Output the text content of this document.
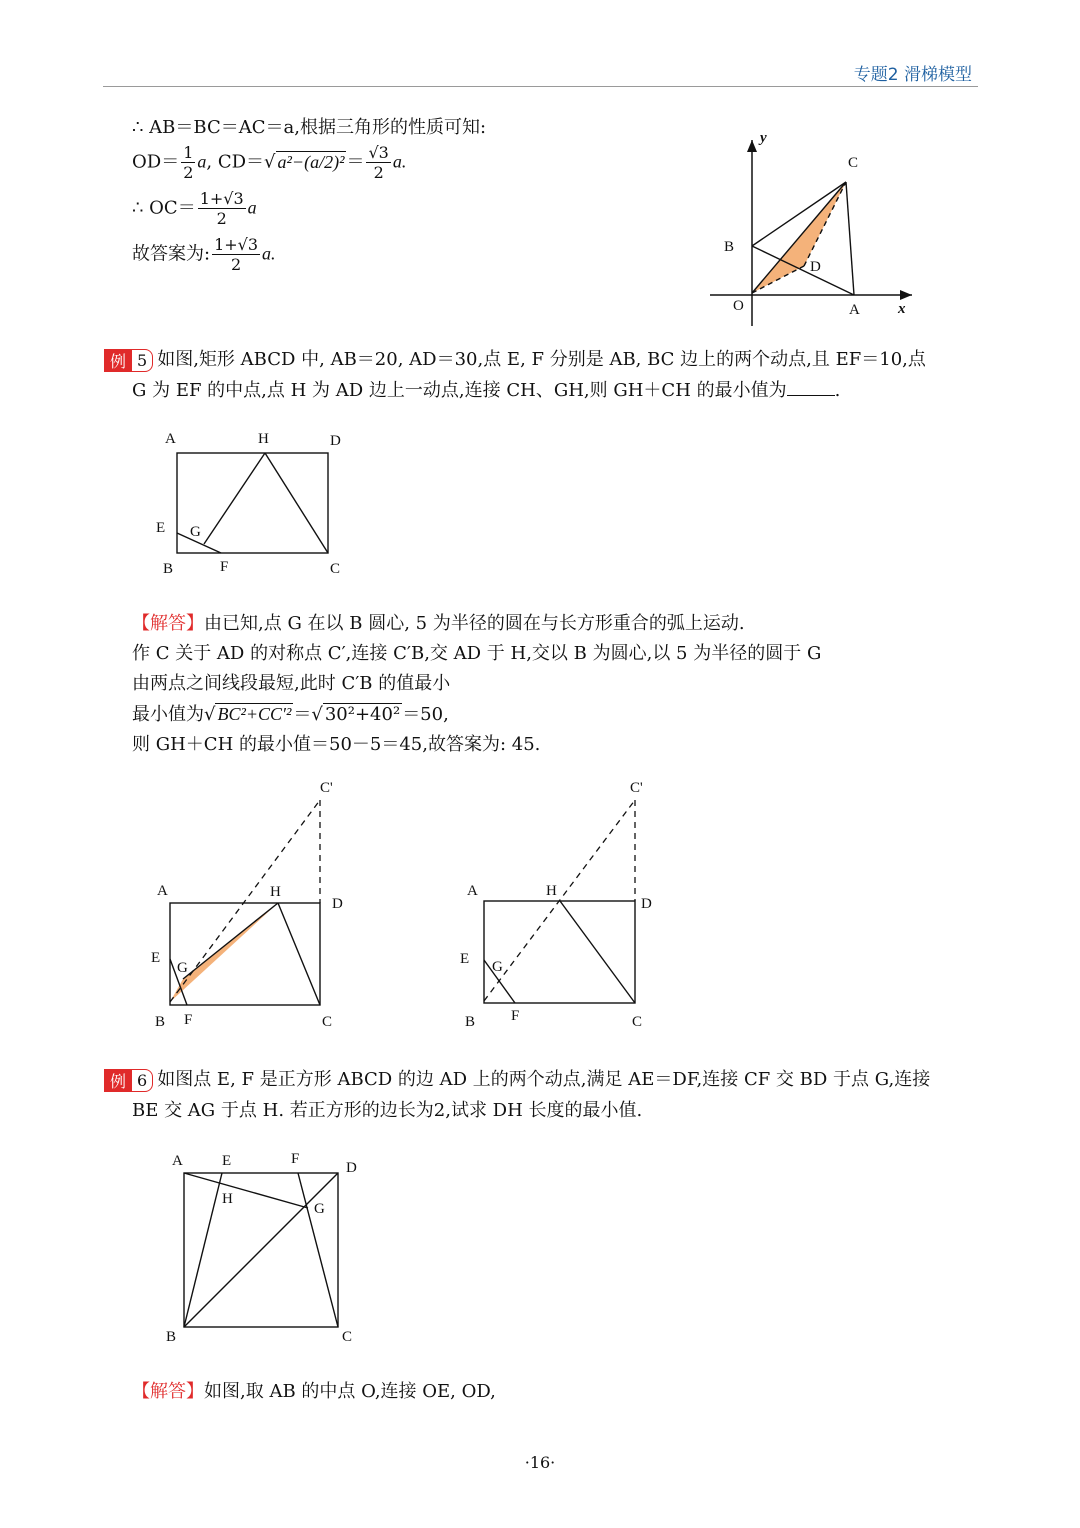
专题2 滑梯模型
∴ AB＝BC＝AC＝a,根据三角形的性质可知:
$OD= \frac{1}{2} a$, CD＝√ $a^2-(a/2)^2 = \frac{√3}{2} a$.
∴ $OC= \frac{1+√3}{2}$ a
故答案为: $\frac{1+√3}{2} a$.
y
x
C
B
D
O	A
例 5 如图,矩形 ABCD 中, AB＝20, AD＝30,点 E, F 分别是 AB, BC 边上的两个动点,且 EF＝10,点
G 为 EF 的中点,点 H 为 AD 边上一动点,连接 CH、GH,则 GH＋CH 的最小值为	.
A	H	D
E G
B	F	C
【解答】由已知,点 G 在以 B 圆心, 5 为半径的圆在与长方形重合的弧上运动.
作 C 关于 AD 的对称点 C′,连接 C′B,交 AD 于 H,交以 B 为圆心,以 5 为半径的圆于 G
由两点之间线段最短,此时 C′B 的值最小
最小值为√ BC²+CC′² ＝√ 30²+40² ＝50,
则 GH＋CH 的最小值＝50－5＝45,故答案为: 45.
C'
A	H
D
E
G
B F	C
C'
A	H
D
E G
B F	C
例 6 如图点 E, F 是正方形 ABCD 的边 AD 上的两个动点,满足 AE＝DF,连接 CF 交 BD 于点 G,连接
BE 交 AG 于点 H. 若正方形的边长为2,试求 DH 长度的最小值.
A	E	F
D
H
G
B	C
【解答】如图,取 AB 的中点 O,连接 OE, OD,
·16·
